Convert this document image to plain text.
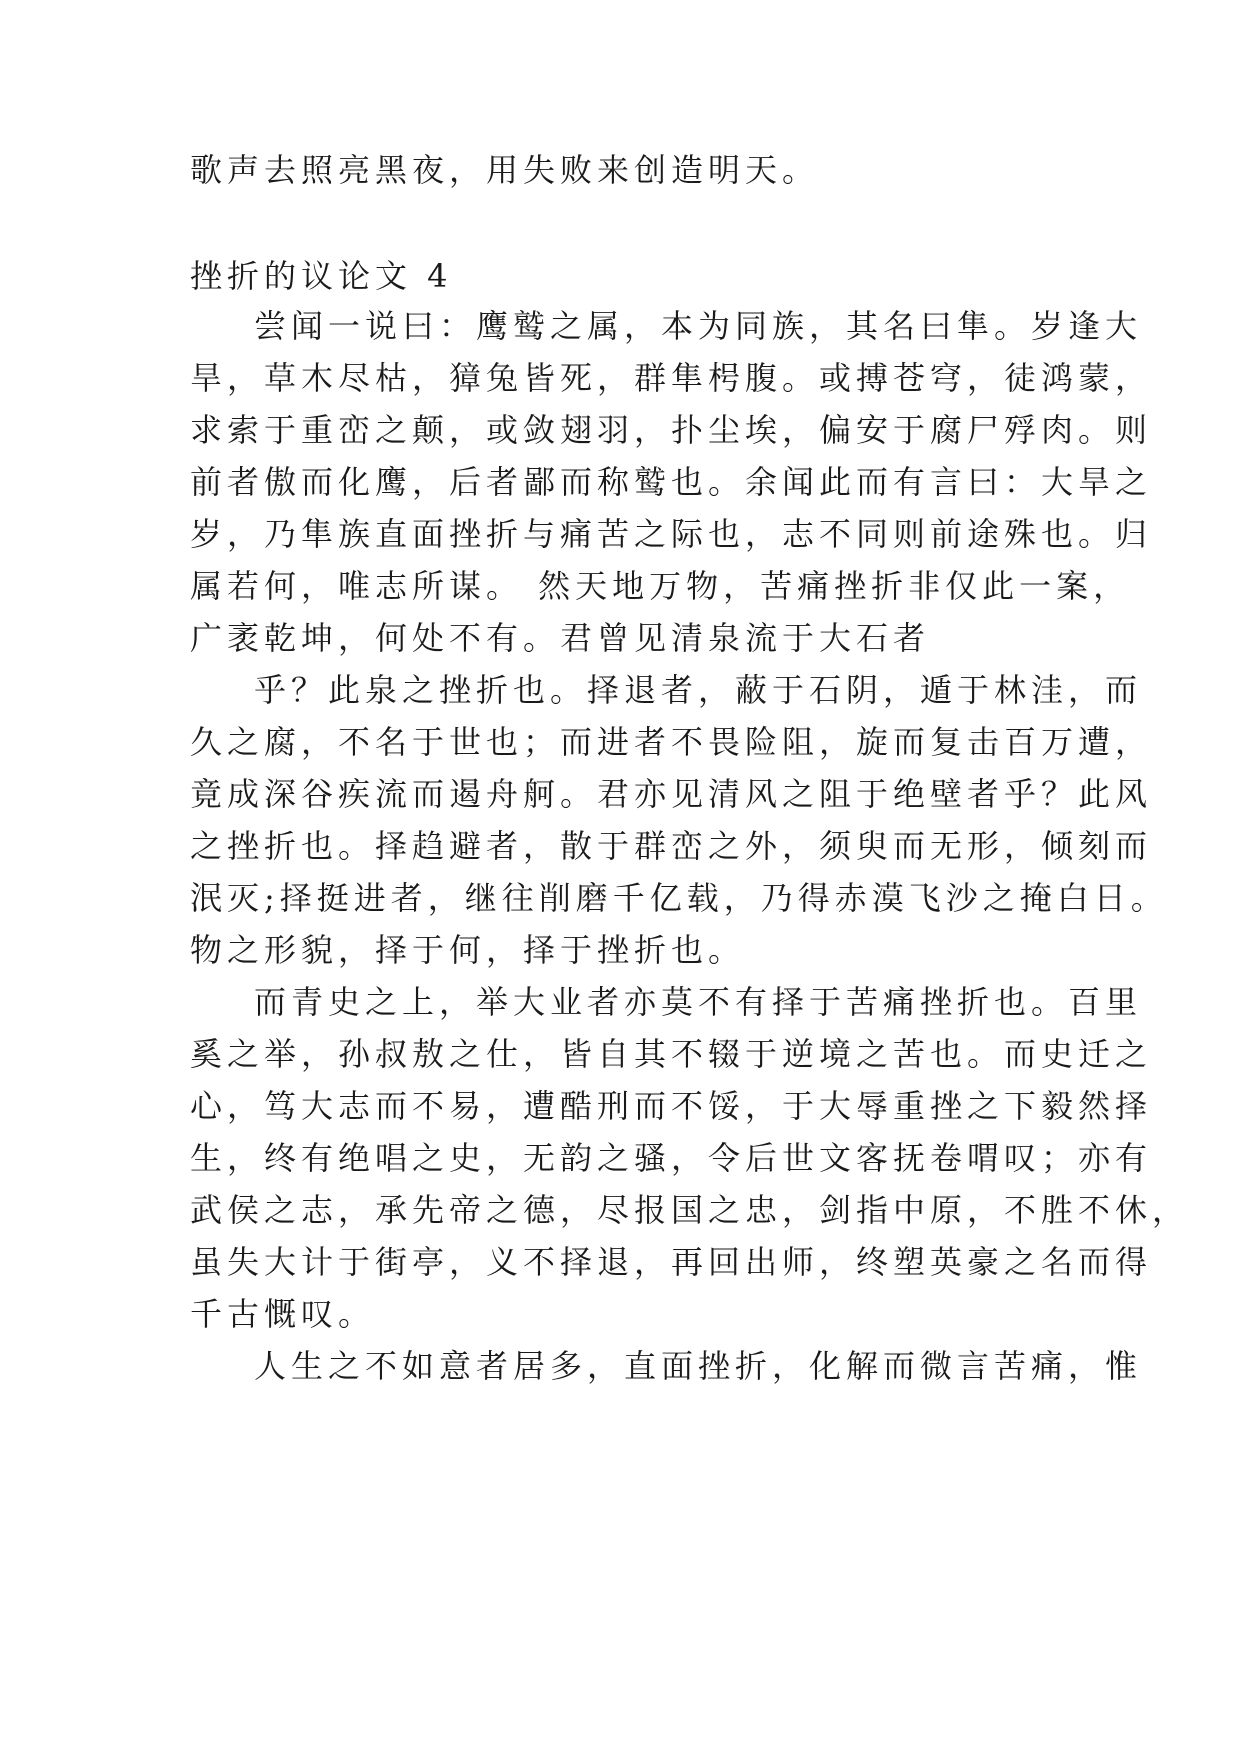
歌声去照亮黑夜，用失败来创造明天。
挫折的议论文 4
尝闻一说曰：鹰鹫之属，本为同族，其名曰隼。岁逢大
旱，草木尽枯，獐兔皆死，群隼枵腹。或搏苍穹，徒鸿蒙，
求索于重峦之颠，或敛翅羽，扑尘埃，偏安于腐尸殍肉。则
前者傲而化鹰，后者鄙而称鹫也。余闻此而有言曰：大旱之
岁，乃隼族直面挫折与痛苦之际也，志不同则前途殊也。归
属若何，唯志所谋。 然天地万物，苦痛挫折非仅此一案，
广袤乾坤，何处不有。君曾见清泉流于大石者
乎？此泉之挫折也。择退者，蔽于石阴，遁于林洼，而
久之腐，不名于世也；而进者不畏险阻，旋而复击百万遭，
竟成深谷疾流而遏舟舸。君亦见清风之阻于绝壁者乎？此风
之挫折也。择趋避者，散于群峦之外，须臾而无形，倾刻而
泯灭;择挺进者，继往削磨千亿载，乃得赤漠飞沙之掩白日。
物之形貌，择于何，择于挫折也。
而青史之上，举大业者亦莫不有择于苦痛挫折也。百里
奚之举，孙叔敖之仕，皆自其不辍于逆境之苦也。而史迁之
心，笃大志而不易，遭酷刑而不馁，于大辱重挫之下毅然择
生，终有绝唱之史，无韵之骚，令后世文客抚卷喟叹；亦有
武侯之志，承先帝之德，尽报国之忠，剑指中原，不胜不休，
虽失大计于街亭，义不择退，再回出师，终塑英豪之名而得
千古慨叹。
人生之不如意者居多，直面挫折，化解而微言苦痛，惟
